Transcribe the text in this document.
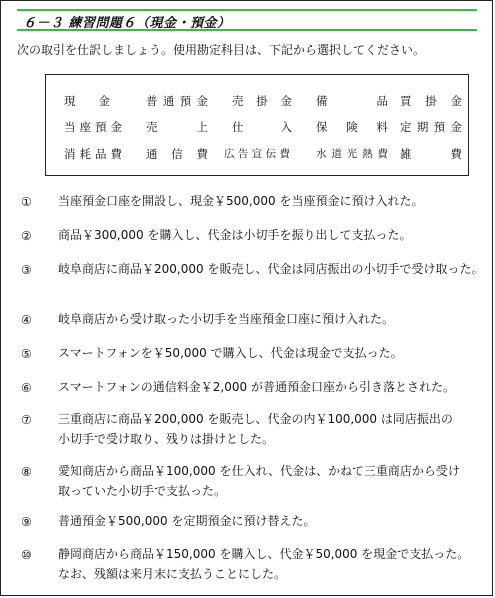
６－３ 練習問題６（現金・預金）
次の取引を仕訳しましょう。使用勘定科目は、下記から選択してください。
現　金	普通預金 売掛金 備　品 買掛金
当座預金 売　上 仕　入 保険料 定期預金
消耗品費 通信費 広告宣伝費 水道光熱費 雑　費
① 当座預金口座を開設し、現金￥500,000 を当座預金に預け入れた。
② 商品￥300,000 を購入し、代金は小切手を振り出して支払った。
③ 岐阜商店に商品￥200,000 を販売し、代金は同店振出の小切手で受け取った。
④ 岐阜商店から受け取った小切手を当座預金口座に預け入れた。
⑤ スマートフォンを￥50,000 で購入し、代金は現金で支払った。
⑥ スマートフォンの通信料金￥2,000 が普通預金口座から引き落とされた。
⑦ 三重商店に商品￥200,000 を販売し、代金の内￥100,000 は同店振出の
小切手で受け取り、残りは掛けとした。
⑧ 愛知商店から商品￥100,000 を仕入れ、代金は、かねて三重商店から受け
取っていた小切手で支払った。
⑨ 普通預金￥500,000 を定期預金に預け替えた。
⑩ 静岡商店から商品￥150,000 を購入し、代金￥50,000 を現金で支払った。
なお、残額は来月末に支払うことにした。
